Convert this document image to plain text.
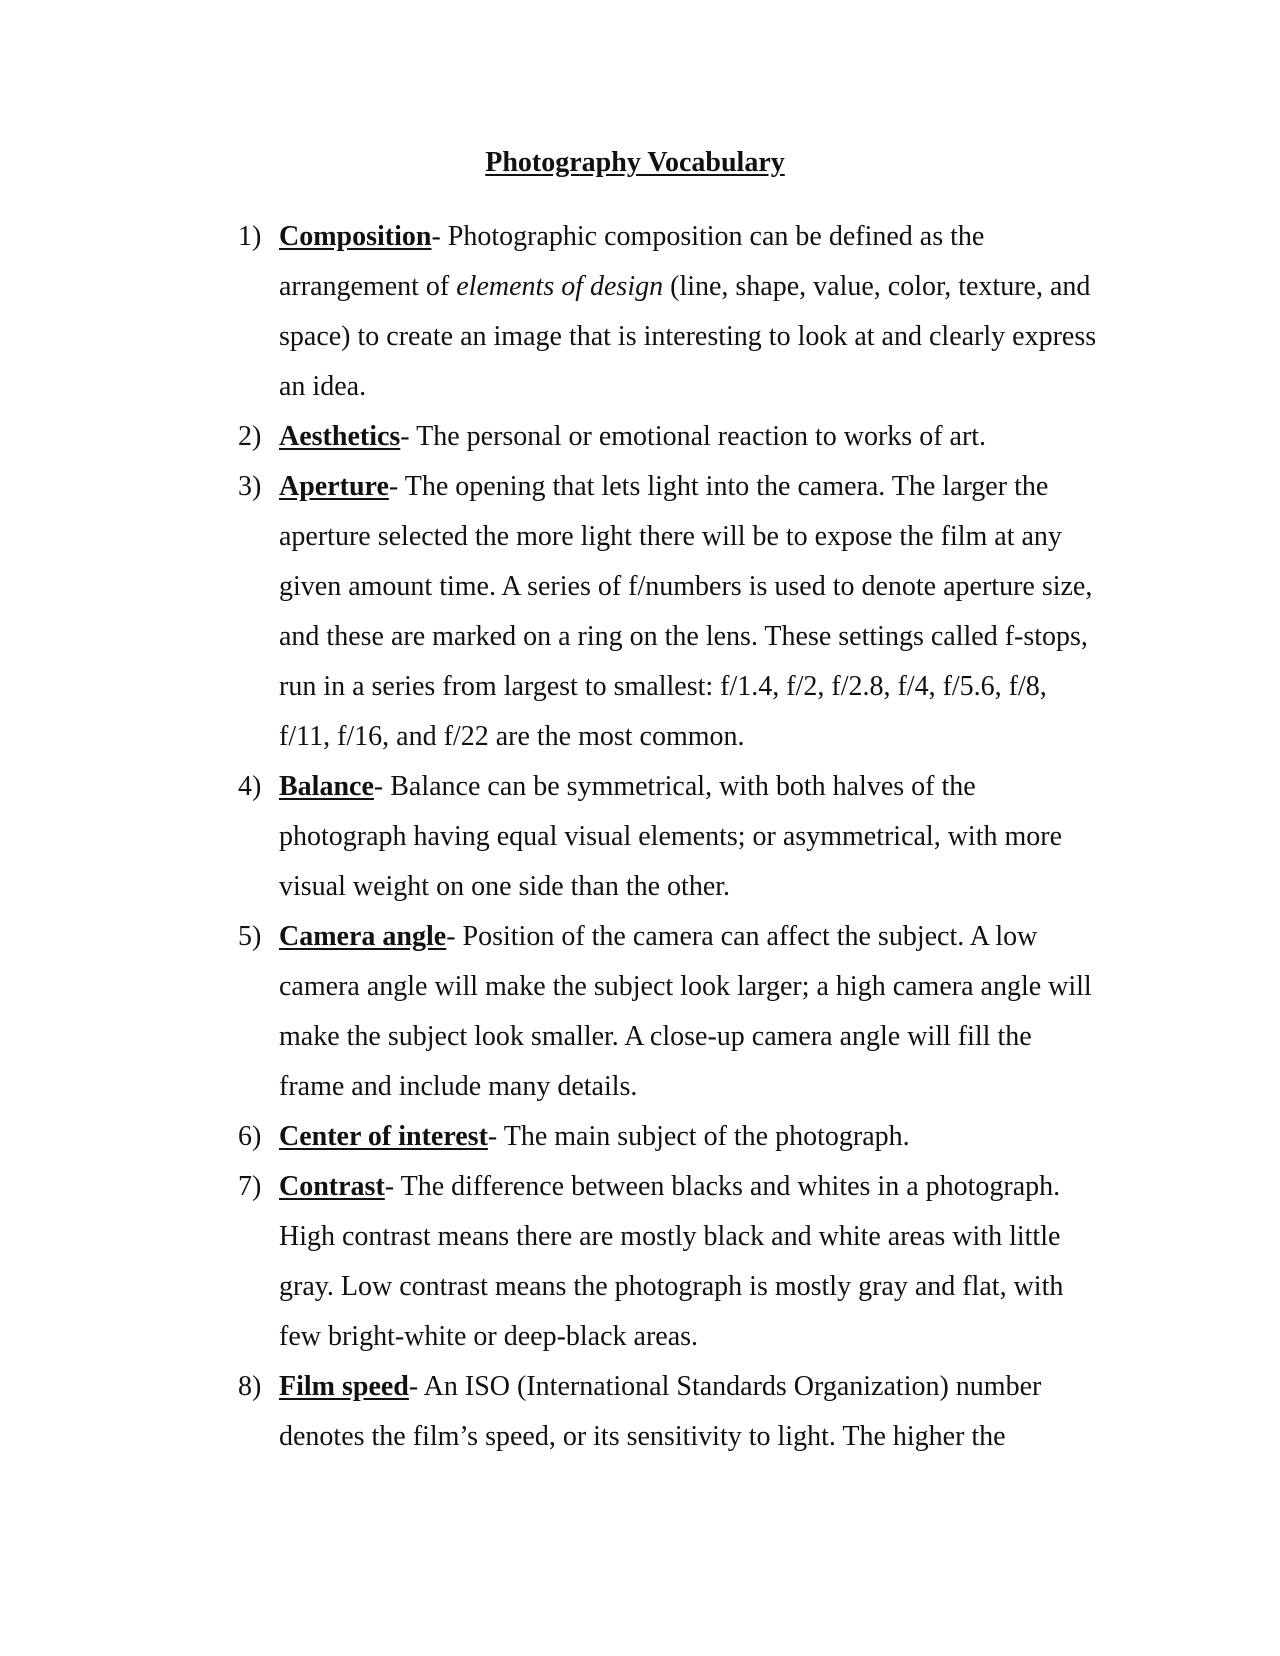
Photography Vocabulary
1) Composition- Photographic composition can be defined as the arrangement of elements of design (line, shape, value, color, texture, and space) to create an image that is interesting to look at and clearly express an idea.
2) Aesthetics- The personal or emotional reaction to works of art.
3) Aperture- The opening that lets light into the camera. The larger the aperture selected the more light there will be to expose the film at any given amount time. A series of f/numbers is used to denote aperture size, and these are marked on a ring on the lens. These settings called f-stops, run in a series from largest to smallest: f/1.4, f/2, f/2.8, f/4, f/5.6, f/8, f/11, f/16, and f/22 are the most common.
4) Balance- Balance can be symmetrical, with both halves of the photograph having equal visual elements; or asymmetrical, with more visual weight on one side than the other.
5) Camera angle- Position of the camera can affect the subject. A low camera angle will make the subject look larger; a high camera angle will make the subject look smaller. A close-up camera angle will fill the frame and include many details.
6) Center of interest- The main subject of the photograph.
7) Contrast- The difference between blacks and whites in a photograph. High contrast means there are mostly black and white areas with little gray. Low contrast means the photograph is mostly gray and flat, with few bright-white or deep-black areas.
8) Film speed- An ISO (International Standards Organization) number denotes the film’s speed, or its sensitivity to light. The higher the
